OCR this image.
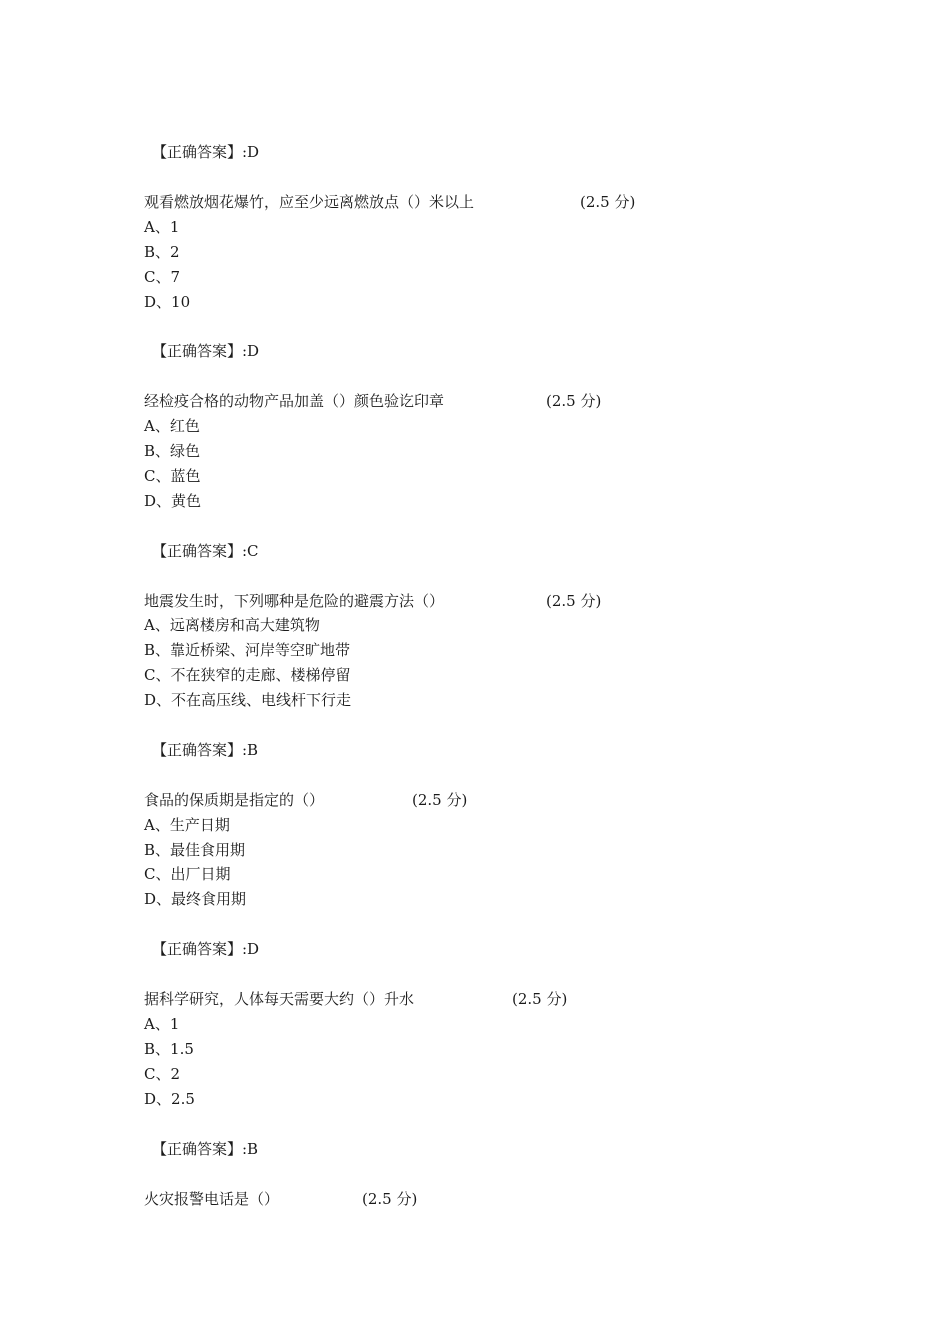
【正确答案】:D
观看燃放烟花爆竹，应至少远离燃放点（）米以上	(2.5 分)
A、1
B、2
C、7
D、10
【正确答案】:D
经检疫合格的动物产品加盖（）颜色验讫印章	(2.5 分)
A、红色
B、绿色
C、蓝色
D、黄色
【正确答案】:C
地震发生时，下列哪种是危险的避震方法（）	(2.5 分)
A、远离楼房和高大建筑物
B、靠近桥梁、河岸等空旷地带
C、不在狭窄的走廊、楼梯停留
D、不在高压线、电线杆下行走
【正确答案】:B
食品的保质期是指定的（）	(2.5 分)
A、生产日期
B、最佳食用期
C、出厂日期
D、最终食用期
【正确答案】:D
据科学研究，人体每天需要大约（）升水	(2.5 分)
A、1
B、1.5
C、2
D、2.5
【正确答案】:B
火灾报警电话是（）	(2.5 分)
